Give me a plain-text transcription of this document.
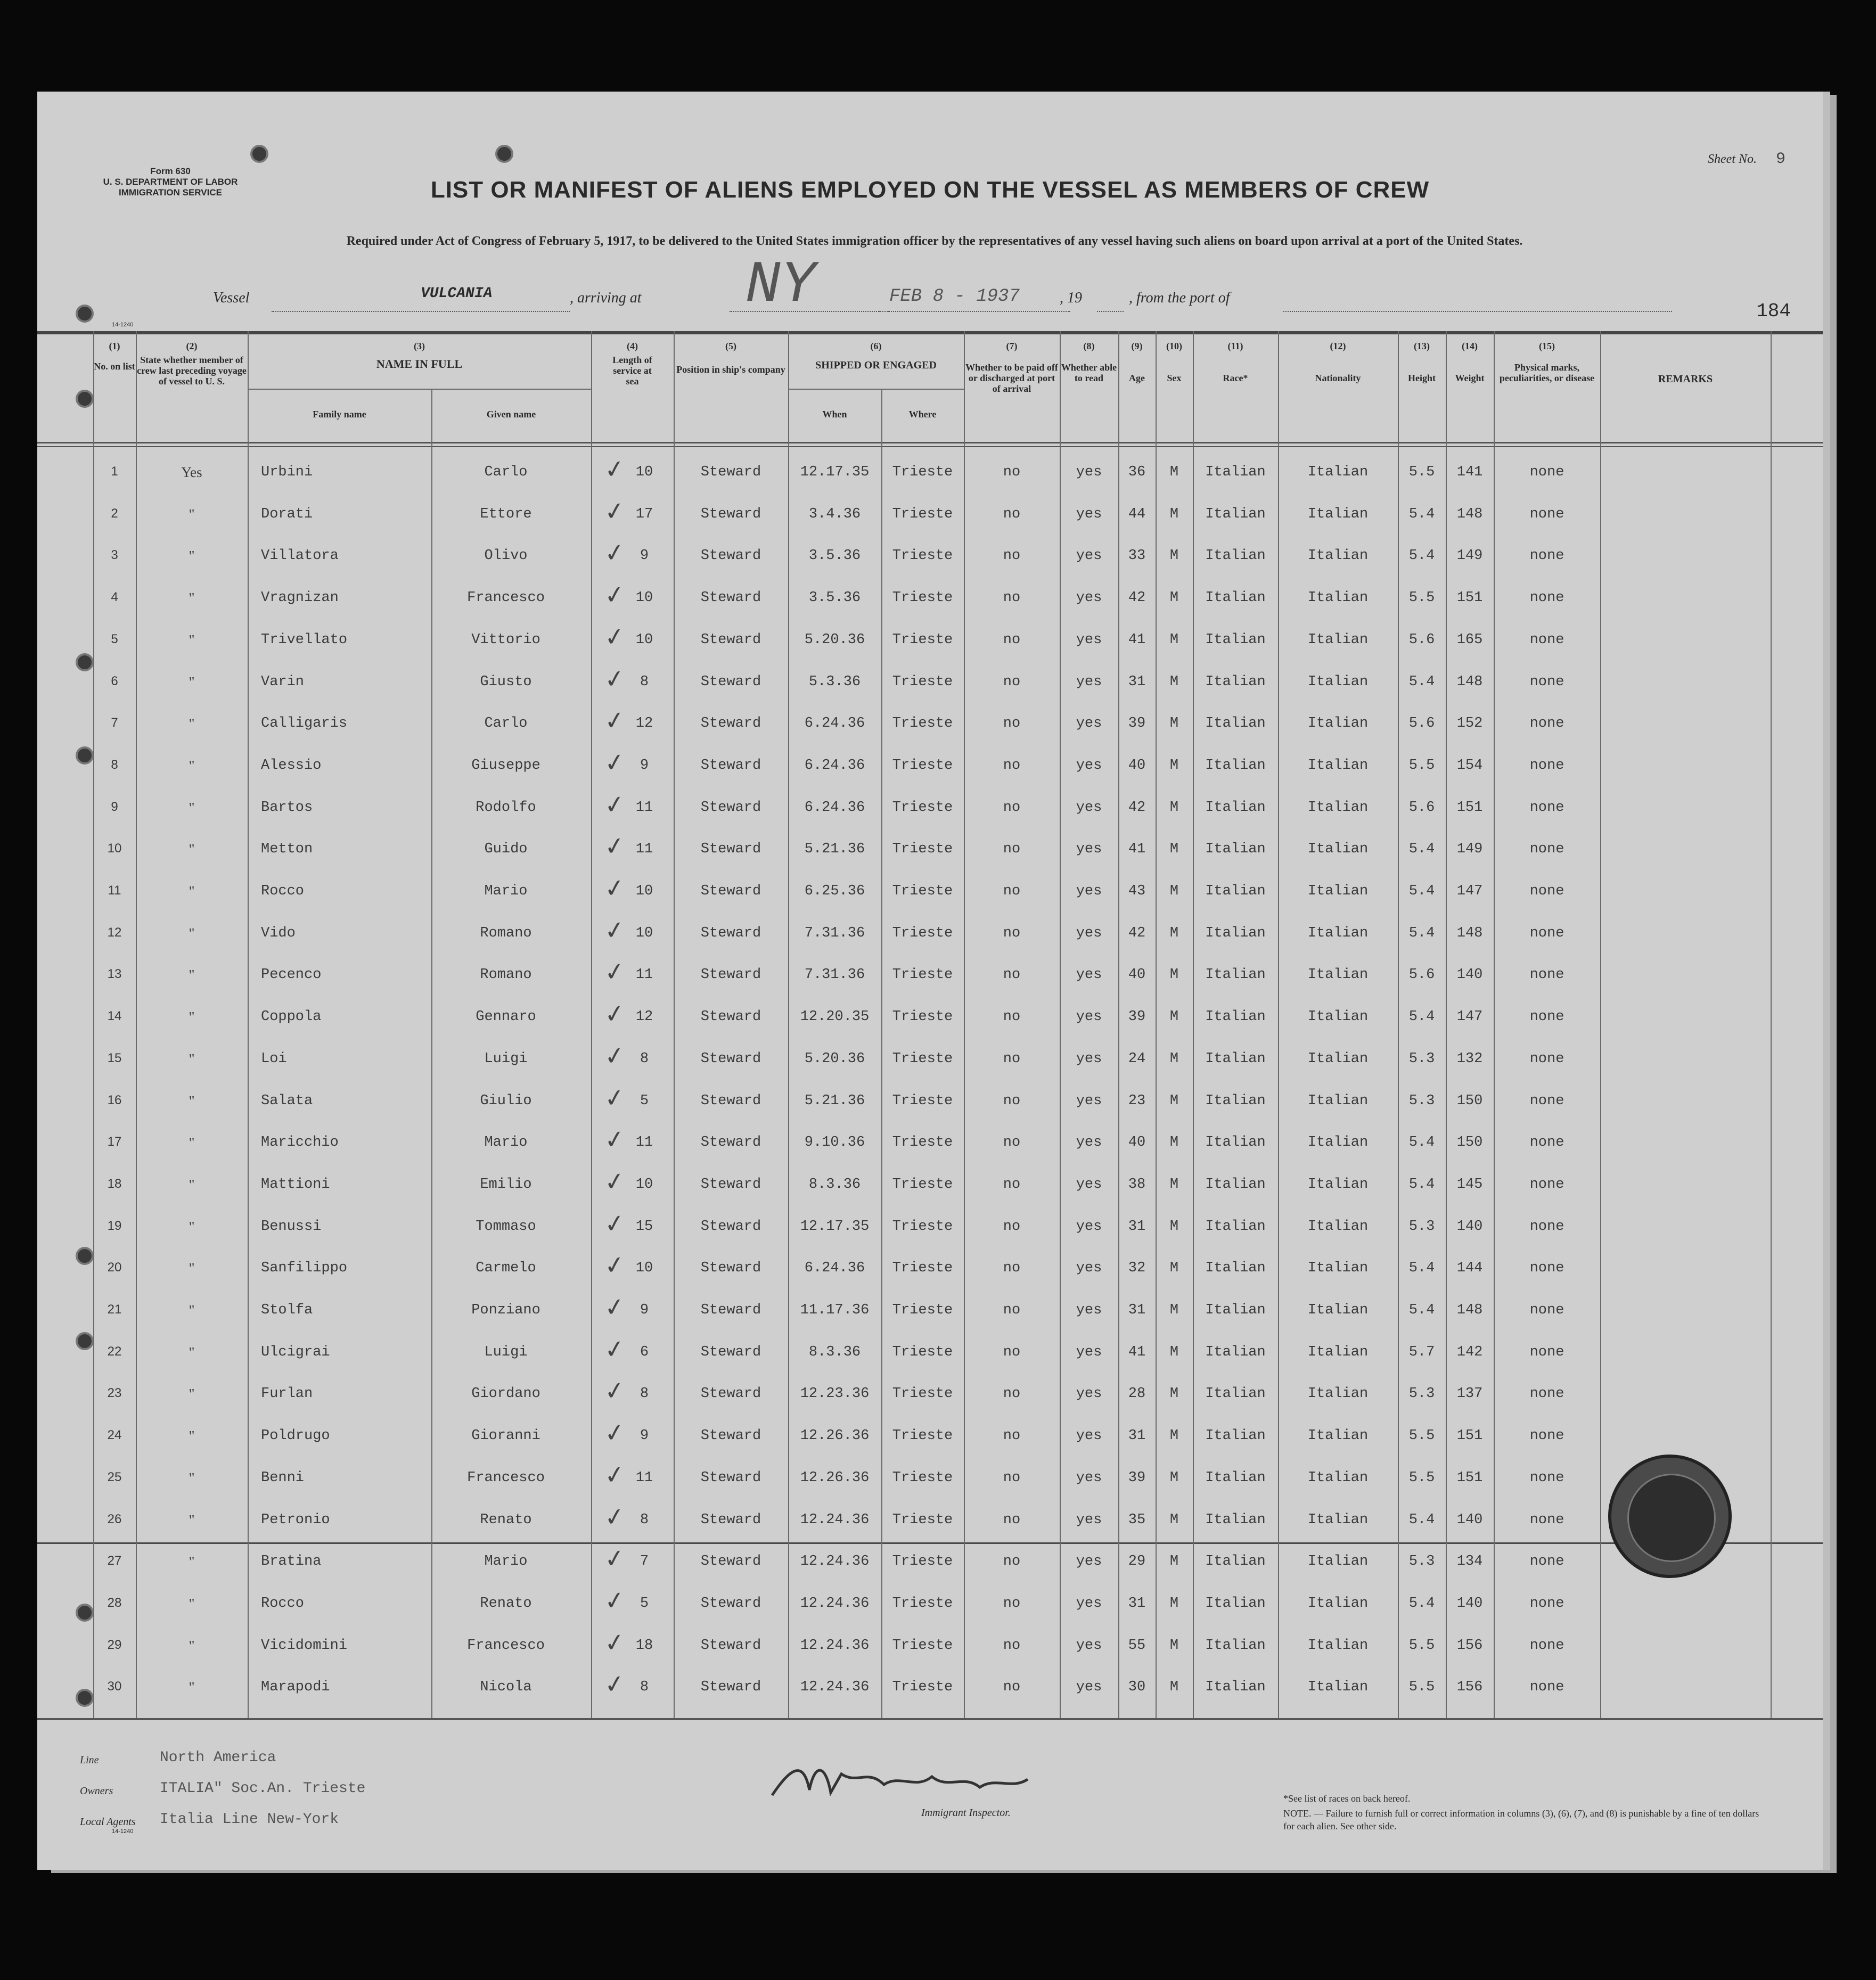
Form 630
U. S. DEPARTMENT OF LABOR
IMMIGRATION SERVICE
14-1240
Sheet No. 9
LIST OR MANIFEST OF ALIENS EMPLOYED ON THE VESSEL AS MEMBERS OF CREW
Required under Act of Congress of February 5, 1917, to be delivered to the United States immigration officer by the representatives of any vessel having such aliens on board upon arrival at a port of the United States.
Vessel	VULCANIA	, arriving at NY	FEB 8 - 1937	, 19	, from the port of
184
(1)
No. on list
(2)
State whether member of crew last preceding voyage of vessel to U. S.
(3)
NAME IN FULL
Family name	Given name
(4)
Length of service at sea
(5)
Position in ship's company
(6)
SHIPPED OR ENGAGED
When	Where
(7)
Whether to be paid off or discharged at port of arrival
(8)
Whether able to read
(9)
Age
(10)
Sex
(11)
Race*
(12)
Nationality
(13)
Height
(14)
Weight
(15)
Physical marks, peculiarities, or disease	REMARKS
1	Yes	Urbini	Carlo	10	Steward	12.17.35	Trieste	no	yes	36	M	Italian	Italian	5.5	141	none
✓
2	"	Dorati	Ettore	17	Steward	3.4.36	Trieste	no	yes	44	M	Italian	Italian	5.4	148	none
✓
3	"	Villatora	Olivo	9	Steward	3.5.36	Trieste	no	yes	33	M	Italian	Italian	5.4	149	none
✓
4	"	Vragnizan	Francesco	10	Steward	3.5.36	Trieste	no	yes	42	M	Italian	Italian	5.5	151	none
✓
5	"	Trivellato	Vittorio	10	Steward	5.20.36	Trieste	no	yes	41	M	Italian	Italian	5.6	165	none
✓
6	"	Varin	Giusto	8	Steward	5.3.36	Trieste	no	yes	31	M	Italian	Italian	5.4	148	none
✓
7	"	Calligaris	Carlo	12	Steward	6.24.36	Trieste	no	yes	39	M	Italian	Italian	5.6	152	none
✓
8	"	Alessio	Giuseppe	9	Steward	6.24.36	Trieste	no	yes	40	M	Italian	Italian	5.5	154	none
✓
9	"	Bartos	Rodolfo	11	Steward	6.24.36	Trieste	no	yes	42	M	Italian	Italian	5.6	151	none
✓
10	"	Metton	Guido	11	Steward	5.21.36	Trieste	no	yes	41	M	Italian	Italian	5.4	149	none
✓
11	"	Rocco	Mario	10	Steward	6.25.36	Trieste	no	yes	43	M	Italian	Italian	5.4	147	none
✓
12	"	Vido	Romano	10	Steward	7.31.36	Trieste	no	yes	42	M	Italian	Italian	5.4	148	none
✓
13	"	Pecenco	Romano	11	Steward	7.31.36	Trieste	no	yes	40	M	Italian	Italian	5.6	140	none
✓
14	"	Coppola	Gennaro	12	Steward	12.20.35	Trieste	no	yes	39	M	Italian	Italian	5.4	147	none
✓
15	"	Loi	Luigi	8	Steward	5.20.36	Trieste	no	yes	24	M	Italian	Italian	5.3	132	none
✓
16	"	Salata	Giulio	5	Steward	5.21.36	Trieste	no	yes	23	M	Italian	Italian	5.3	150	none
✓
17	"	Maricchio	Mario	11	Steward	9.10.36	Trieste	no	yes	40	M	Italian	Italian	5.4	150	none
✓
18	"	Mattioni	Emilio	10	Steward	8.3.36	Trieste	no	yes	38	M	Italian	Italian	5.4	145	none
✓
19	"	Benussi	Tommaso	15	Steward	12.17.35	Trieste	no	yes	31	M	Italian	Italian	5.3	140	none
✓
20	"	Sanfilippo	Carmelo	10	Steward	6.24.36	Trieste	no	yes	32	M	Italian	Italian	5.4	144	none
✓
21	"	Stolfa	Ponziano	9	Steward	11.17.36	Trieste	no	yes	31	M	Italian	Italian	5.4	148	none
✓
22	"	Ulcigrai	Luigi	6	Steward	8.3.36	Trieste	no	yes	41	M	Italian	Italian	5.7	142	none
✓
23	"	Furlan	Giordano	8	Steward	12.23.36	Trieste	no	yes	28	M	Italian	Italian	5.3	137	none
✓
24	"	Poldrugo	Gioranni	9	Steward	12.26.36	Trieste	no	yes	31	M	Italian	Italian	5.5	151	none
✓
25	"	Benni	Francesco	11	Steward	12.26.36	Trieste	no	yes	39	M	Italian	Italian	5.5	151	none
✓
26	"	Petronio	Renato	8	Steward	12.24.36	Trieste	no	yes	35	M	Italian	Italian	5.4	140	none
✓
27	"	Bratina	Mario	7	Steward	12.24.36	Trieste	no	yes	29	M	Italian	Italian	5.3	134	none
✓
28	"	Rocco	Renato	5	Steward	12.24.36	Trieste	no	yes	31	M	Italian	Italian	5.4	140	none
✓
29	"	Vicidomini	Francesco	18	Steward	12.24.36	Trieste	no	yes	55	M	Italian	Italian	5.5	156	none
✓
30	"	Marapodi	Nicola	8	Steward	12.24.36	Trieste	no	yes	30	M	Italian	Italian	5.5	156	none
✓
Line	North America
Owners	ITALIA" Soc.An. Trieste
Local Agents Italia Line New-York
14-1240
Immigrant Inspector.
*See list of races on back hereof.
NOTE. — Failure to furnish full or correct information in columns (3), (6), (7), and (8) is punishable by a fine of ten dollars for each alien. See other side.
